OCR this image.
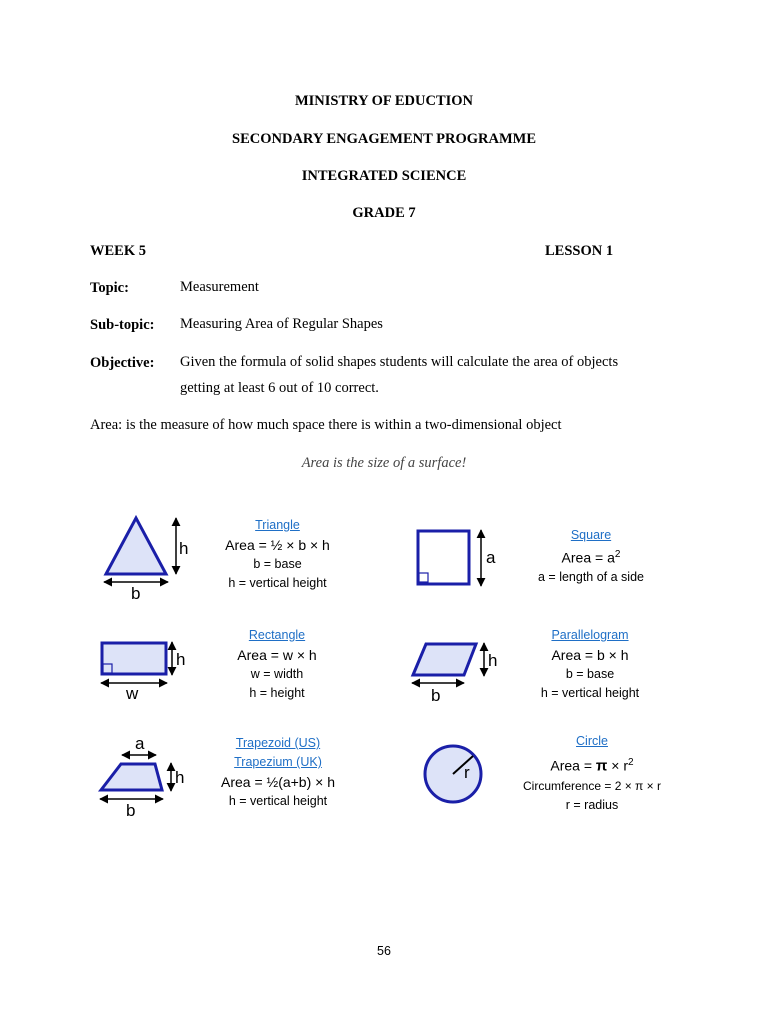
MINISTRY OF EDUCTION
SECONDARY ENGAGEMENT PROGRAMME
INTEGRATED SCIENCE
GRADE 7
WEEK 5	LESSON 1
Topic:	Measurement
Sub-topic: Measuring Area of Regular Shapes
Objective: Given the formula of solid shapes students will calculate the area of objects
getting at least 6 out of 10 correct.
Area: is the measure of how much space there is within a two-dimensional object
Area is the size of a surface!
h
b
Triangle
Area = ½ × b × h
b = base
h = vertical height
a
Square
Area = $a^2$
a = length of a side
h
w
Rectangle
Area = w × h
w = width
h = height
h
b
Parallelogram
Area = b × h
b = base
h = vertical height
a
h
b
Trapezoid (US)
Trapezium (UK)
Area = ½(a+b) × h
h = vertical height
r
Circle
Area = $\pi \times r^2$
Circumference = 2 × π × r
r = radius
56
